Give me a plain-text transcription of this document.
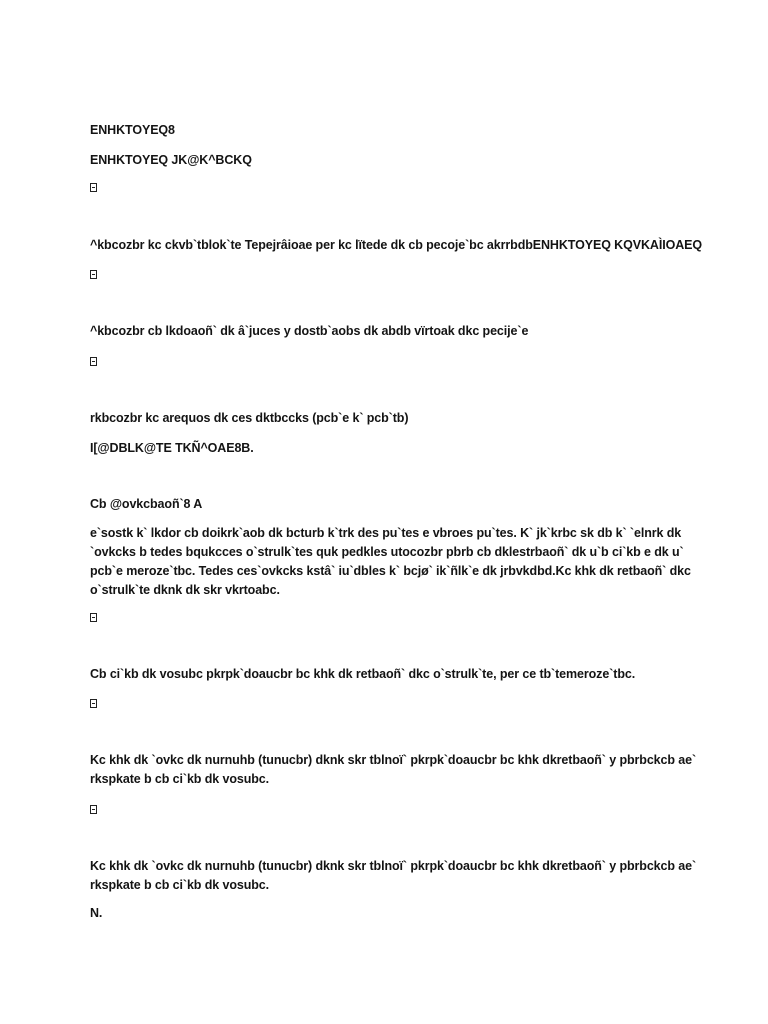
ENHKTOYEQ8
ENHKTOYEQ JK@K^BCKQ
^kbcozbr kc ckvb`tblok`te Tepejrâioae per kc lïtede dk cb pecoje`bc akrrbdbENHKTOYEQ KQVKAÌIOAEQ
^kbcozbr cb lkdoaoñ` dk â`juces y dostb`aobs dk abdb vïrtoak dkc pecije`e
rkbcozbr kc arequos dk ces dktbccks (pcb`e k` pcb`tb)
I[@DBLK@TE TKÑ^OAE8B.
Cb @ovkcbaoñ`8 A
e`sostk k` lkdor cb doikrk`aob dk bcturb k`trk des pu`tes e vbroes pu`tes. K` jk`krbc sk db k` `elnrk dk
`ovkcks b tedes bqukcces o`strulk`tes quk pedkles utocozbr pbrb cb dklestrbaoñ` dk u`b ci`kb e dk u`
pcb`e meroze`tbc. Tedes ces`ovkcks kstâ` iu`dbles k` bcjø` ik`ñlk`e dk jrbvkdbd.Kc khk dk retbaoñ` dkc
o`strulk`te dknk dk skr vkrtoabc.
Cb ci`kb dk vosubc pkrpk`doaucbr bc khk dk retbaoñ` dkc o`strulk`te, per ce tb`temeroze`tbc.
Kc khk dk `ovkc dk nurnuhb (tunucbr) dknk skr tblnoï` pkrpk`doaucbr bc khk dkretbaoñ` y pbrbckcb ae`
rkspkate b cb ci`kb dk vosubc.
Kc khk dk `ovkc dk nurnuhb (tunucbr) dknk skr tblnoï` pkrpk`doaucbr bc khk dkretbaoñ` y pbrbckcb ae`
rkspkate b cb ci`kb dk vosubc.
N.
